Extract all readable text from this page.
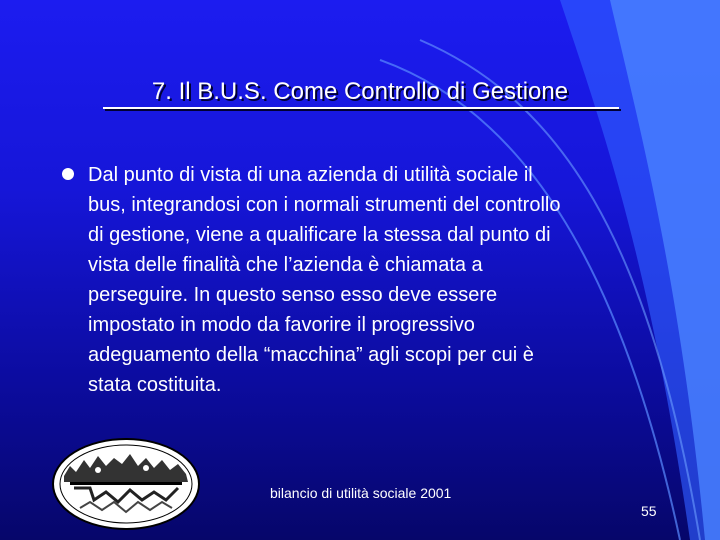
7. Il B.U.S. Come Controllo di Gestione
Dal punto di vista di una azienda di utilità sociale il
bus, integrandosi con i normali strumenti del controllo
di gestione, viene a qualificare la stessa dal punto di
vista delle finalità che l’azienda è chiamata a
perseguire. In questo senso esso deve essere
impostato in modo da favorire il progressivo
adeguamento della “macchina” agli scopi per cui è
stata costituita.
bilancio di utilità sociale 2001
55
